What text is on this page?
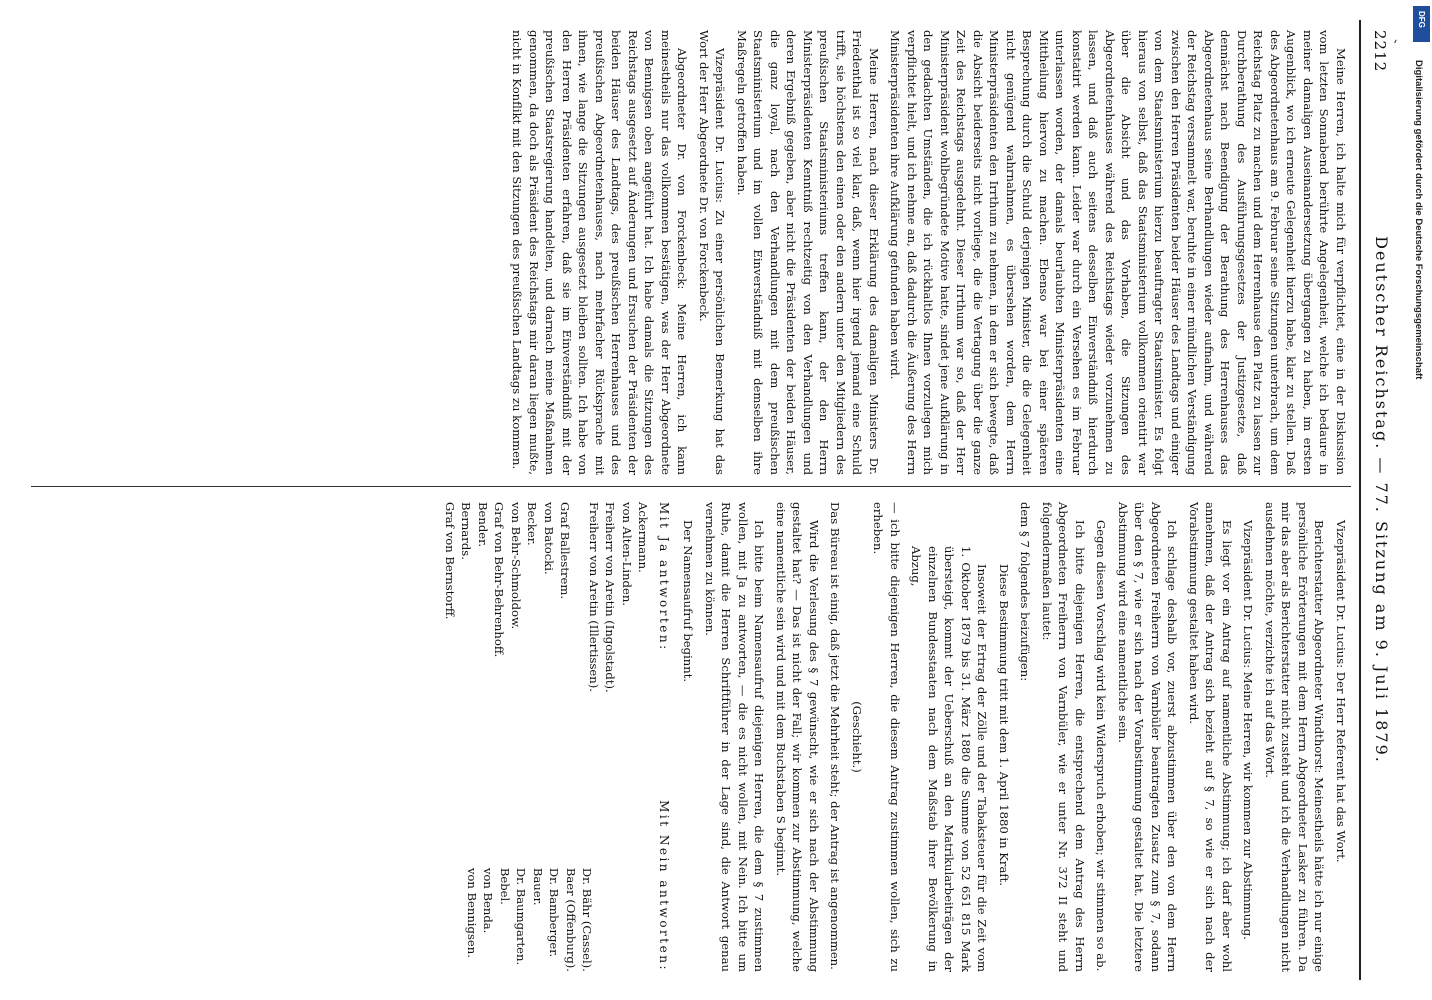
2212
Deutscher Reichstag. — 77. Sitzung am 9. Juli 1879.

Meine Herren, ich halte mich für verpflichtet, eine in der Diskussion vom letzten Sonnabend berührte Angelegenheit, welche ich bedaure in meiner damaligen Auseinandersetzung übergangen zu haben, im ersten Augenblick, wo ich erneute Gelegenheit hierzu habe, klar zu stellen. Daß des Abgeordnetenhaus am 9. Februar seine Sitzungen unterbrach, um dem Reichstag Platz zu machen und dem Herrenhause den Platz zu lassen zur Durchberathung des Ausführungsgesetzes der Justizgesetze, daß dennächst nach Beendigung der Berathung des Herrenhauses das Abgeordnetenhaus seine Berhandlungen wieder aufnahm, und während der Reichstag versammelt war, beruhte in einer mündlichen Verständigung zwischen den Herren Präsidenten beider Häuser des Landtags und einiger von dem Staatsministerium hierzu beauftragter Staatsminister. Es folgt hieraus von selbst, daß das Staatsministerium vollkommen orientirt war über die Absicht und das Vorhaben, die Sitzungen des Abgeordnetenhauses während des Reichstags wieder vorzunehmen zu lassen, und daß auch seitens desselben Einverständniß hierdurch konstatirt werden kann. Leider war durch ein Versehen es im Februar unterlassen worden, der damals beurlaubten Ministerpräsidenten eine Mittheilung hiervon zu machen. Ebenso war bei einer späteren Besprechung durch die Schuld derjenigen Minister, die die Gelegenheit nicht genügend wahrnahmen, es übersehen worden, dem Herrn Ministerpräsidenten den Irrthum zu nehmen, in dem er sich bewegte, daß die Absicht beiderseits nicht vorliege, die die Vertagung über die ganze Zeit des Reichstags ausgedehnt. Dieser Irrthum war so, daß der Herr Ministerpräsident wohlbegründete Motive hatte, sindet jene Aufklärung in den gedachten Umständen, die ich rückhaltlos Ihnen vorzulegen mich verpflichtet hielt, und ich nehme an, daß dadurch die Äußerung des Herrn Ministerpräsidenten ihre Aufklärung gefunden haben wird.

Meine Herren, nach dieser Erklärung des damaligen Ministers Dr. Friedenthal ist so viel klar, daß, wenn hier irgend jemand eine Schuld trifft, sie höchstens den einen oder den andern unter den Mitgliedern des preußischen Staatsministeriums treffen kann, der den Herrn Ministerpräsidenten Kenntniß rechtzeitig von den Verhandlungen und deren Ergebniß gegeben, aber nicht die Präsidenten der beiden Häuser, die ganz loyal, nach den Verhandlungen mit dem preußischen Staatsministerium und im vollen Einverständniß mit demselben ihre Maßregeln getroffen haben.

Vizepräsident Dr. Lucius: Zu einer persönlichen Bemerkung hat das Wort der Herr Abgeordnete Dr. von Forckenbeck.

Abgeordneter Dr. von Forckenbeck: Meine Herren, ich kann meinestheils nur das vollkommen bestätigen, was der Herr Abgeordnete von Bennigsen oben angeführt hat. Ich habe damals die Sitzungen des Reichstags ausgesetzt auf Änderungen und Ersuchen der Präsidenten der beiden Häuser des Landtags, des preußischen Herrenhauses und des preußischen Abgeordnetenhauses, nach mehrfacher Rücksprache mit ihnen, wie lange die Sitzungen ausgesetzt bleiben sollten. Ich habe von den Herren Präsidenten erfahren, daß sie im Einverständniß mit der preußischen Staatsregierung handelten, und darnach meine Maßnahmen genommen, da doch als Präsident des Reichstags mir daran liegen mußte, nicht in Konflikt mit den Sitzungen des preußischen Landtags zu kommen.

Vizepräsident Dr. Lucius: Der Herr Referent hat das Wort.

Berichterstatter Abgeordneter Windthorst: Meinestheils hätte ich nur einige persönliche Erörterungen mit dem Herrn Abgeordneter Lasker zu führen. Da mir das aber als Berichterstatter nicht zusteht und ich die Verhandlungen nicht ausdehnen möchte, verzichte ich auf das Wort.

Vizepräsident Dr. Lucius: Meine Herren, wir kommen zur Abstimmung.

Es liegt vor ein Antrag auf namentliche Abstimmung; ich darf aber wohl annehmen, daß der Antrag sich bezieht auf § 7, so wie er sich nach der Vorabstimmung gestaltet haben wird.

Ich schlage deshalb vor, zuerst abzustimmen über den von dem Herrn Abgeordneten Freiherrn von Varnbüler beantragten Zusatz zum § 7, sodann über den § 7, wie er sich nach der Vorabstimmung gestaltet hat. Die letztere Abstimmung wird eine namentliche sein.

Gegen diesen Vorschlag wird kein Widerspruch erhoben; wir stimmen so ab.

Ich bitte diejenigen Herren, die entsprechend dem Antrag des Herrn Abgeordneten Freiherrn von Varnbüler, wie er unter Nr. 372 II steht und folgendermaßen lautet:

dem § 7 folgendes beizufügen:

Diese Bestimmung tritt mit dem 1. April 1880 in Kraft.

Insoweit der Ertrag der Zölle und der Tabaksteuer für die Zeit vom 1. Oktober 1879 bis 31. März 1880 die Summe von 52 651 815 Mark übersteigt, kommt der Ueberschuß an den Matrikularbeiträgen der einzelnen Bundesstaaten nach dem Maßstab ihrer Bevölkerung in Abzug,

— ich bitte diejenigen Herren, die diesem Antrag zustimmen wollen, sich zu erheben.

(Geschieht.)

Das Büreau ist einig, daß jetzt die Mehrheit steht; der Antrag ist angenommen.

Wird die Verlesung des § 7 gewünscht, wie er sich nach der Abstimmung gestaltet hat? — Das ist nicht der Fall; wir kommen zur Abstimmung, welche eine namentliche sein wird und mit dem Buchstaben S beginnt.

Ich bitte beim Namensaufruf diejenigen Herren, die dem § 7 zustimmen wollen, mit Ja zu antworten, — die es nicht wollen, mit Nein. Ich bitte um Ruhe, damit die Herren Schriftführer in der Lage sind, die Antwort genau vernehmen zu können.

Der Namensaufruf beginnt.

Mit Ja antworten:
Mit Nein antworten:
Ackermann.
von Alten-Linden.
Freiherr von Aretin (Ingolstadt).
Freiherr von Aretin (Illertissen).
Graf Ballestrem.
von Batocki.
Becker.
von Behr-Schmoldow.
Graf von Behr-Behrenhoff.
Bender.
Bernards.
Graf von Bernstorff.
Dr. Bähr (Cassel).
Baer (Offenburg).
Dr. Bamberger.
Bauer.
Dr. Baumgarten.
Bebel.
von Benda.
von Bennigsen.
ʻ
DFG
Digitalisierung gefördert durch die Deutsche Forschungsgemeinschaft
